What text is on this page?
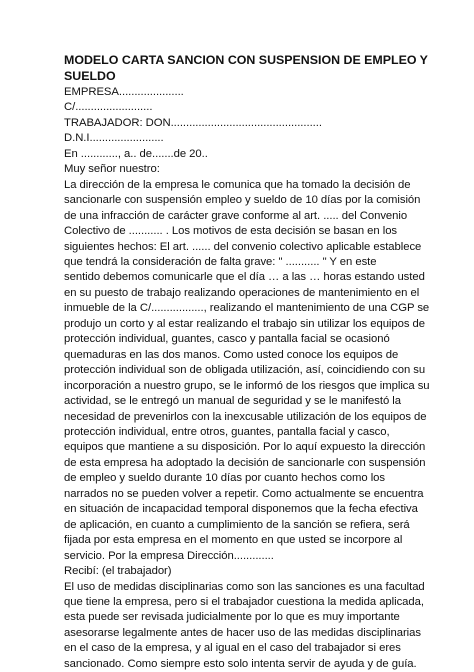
MODELO CARTA SANCION CON SUSPENSION DE EMPLEO Y
SUELDO
EMPRESA.....................
C/.........................
TRABAJADOR: DON.................................................
D.N.I........................
En ............, a.. de.......de 20..
Muy señor nuestro:
La dirección de la empresa le comunica que ha tomado la decisión de
sancionarle con suspensión empleo y sueldo de 10 días por la comisión
de una infracción de carácter grave conforme al art. ..... del Convenio
Colectivo de ........... . Los motivos de esta decisión se basan en los
siguientes hechos: El art. ...... del convenio colectivo aplicable establece
que tendrá la consideración de falta grave: " ........... " Y en este
sentido debemos comunicarle que el día … a las … horas estando usted
en su puesto de trabajo realizando operaciones de mantenimiento en el
inmueble de la C/................., realizando el mantenimiento de una CGP se
produjo un corto y al estar realizando el trabajo sin utilizar los equipos de
protección individual, guantes, casco y pantalla facial se ocasionó
quemaduras en las dos manos. Como usted conoce los equipos de
protección individual son de obligada utilización, así, coincidiendo con su
incorporación a nuestro grupo, se le informó de los riesgos que implica su
actividad, se le entregó un manual de seguridad y se le manifestó la
necesidad de prevenirlos con la inexcusable utilización de los equipos de
protección individual, entre otros, guantes, pantalla facial y casco,
equipos que mantiene a su disposición. Por lo aquí expuesto la dirección
de esta empresa ha adoptado la decisión de sancionarle con suspensión
de empleo y sueldo durante 10 días por cuanto hechos como los
narrados no se pueden volver a repetir. Como actualmente se encuentra
en situación de incapacidad temporal disponemos que la fecha efectiva
de aplicación, en cuanto a cumplimiento de la sanción se refiera, será
fijada por esta empresa en el momento en que usted se incorpore al
servicio. Por la empresa Dirección.............
Recibí: (el trabajador)
El uso de medidas disciplinarias como son las sanciones es una facultad
que tiene la empresa, pero si el trabajador cuestiona la medida aplicada,
esta puede ser revisada judicialmente por lo que es muy importante
asesorarse legalmente antes de hacer uso de las medidas disciplinarias
en el caso de la empresa, y al igual en el caso del trabajador si eres
sancionado. Como siempre esto solo intenta servir de ayuda y de guía.
